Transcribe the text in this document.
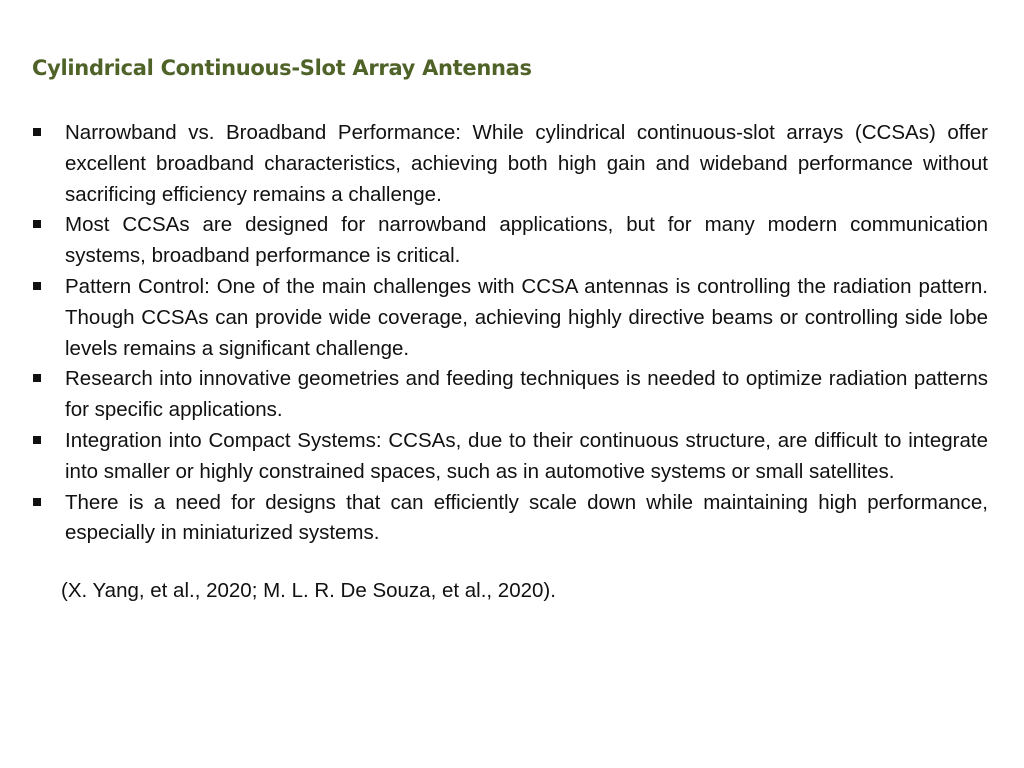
Cylindrical Continuous-Slot Array Antennas
Narrowband vs. Broadband Performance: While cylindrical continuous-slot arrays (CCSAs) offer excellent broadband characteristics, achieving both high gain and wideband performance without sacrificing efficiency remains a challenge.
Most CCSAs are designed for narrowband applications, but for many modern communication systems, broadband performance is critical.
Pattern Control: One of the main challenges with CCSA antennas is controlling the radiation pattern. Though CCSAs can provide wide coverage, achieving highly directive beams or controlling side lobe levels remains a significant challenge.
Research into innovative geometries and feeding techniques is needed to optimize radiation patterns for specific applications.
Integration into Compact Systems: CCSAs, due to their continuous structure, are difficult to integrate into smaller or highly constrained spaces, such as in automotive systems or small satellites.
There is a need for designs that can efficiently scale down while maintaining high performance, especially in miniaturized systems.

(X. Yang, et al., 2020; M. L. R. De Souza, et al., 2020).
